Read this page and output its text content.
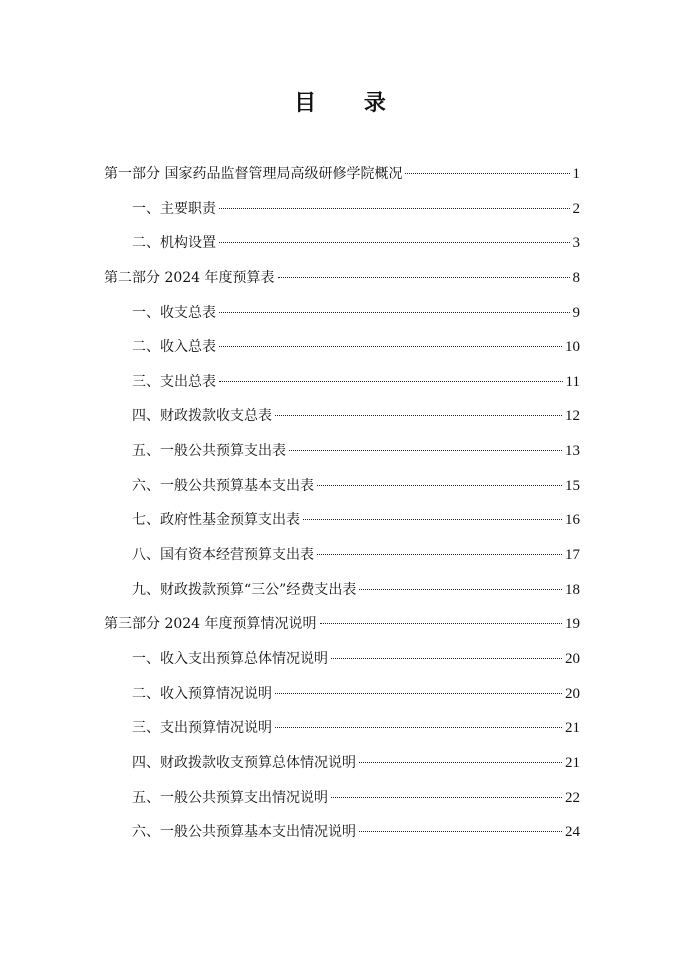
目 录
第一部分 国家药品监督管理局高级研修学院概况	1
一、主要职责	2
二、机构设置	3
第二部分 2024 年度预算表	8
一、收支总表	9
二、收入总表	10
三、支出总表	11
四、财政拨款收支总表	12
五、一般公共预算支出表	13
六、一般公共预算基本支出表	15
七、政府性基金预算支出表	16
八、国有资本经营预算支出表	17
九、财政拨款预算“三公”经费支出表	18
第三部分 2024 年度预算情况说明	19
一、收入支出预算总体情况说明	20
二、收入预算情况说明	20
三、支出预算情况说明	21
四、财政拨款收支预算总体情况说明	21
五、一般公共预算支出情况说明	22
六、一般公共预算基本支出情况说明	24
